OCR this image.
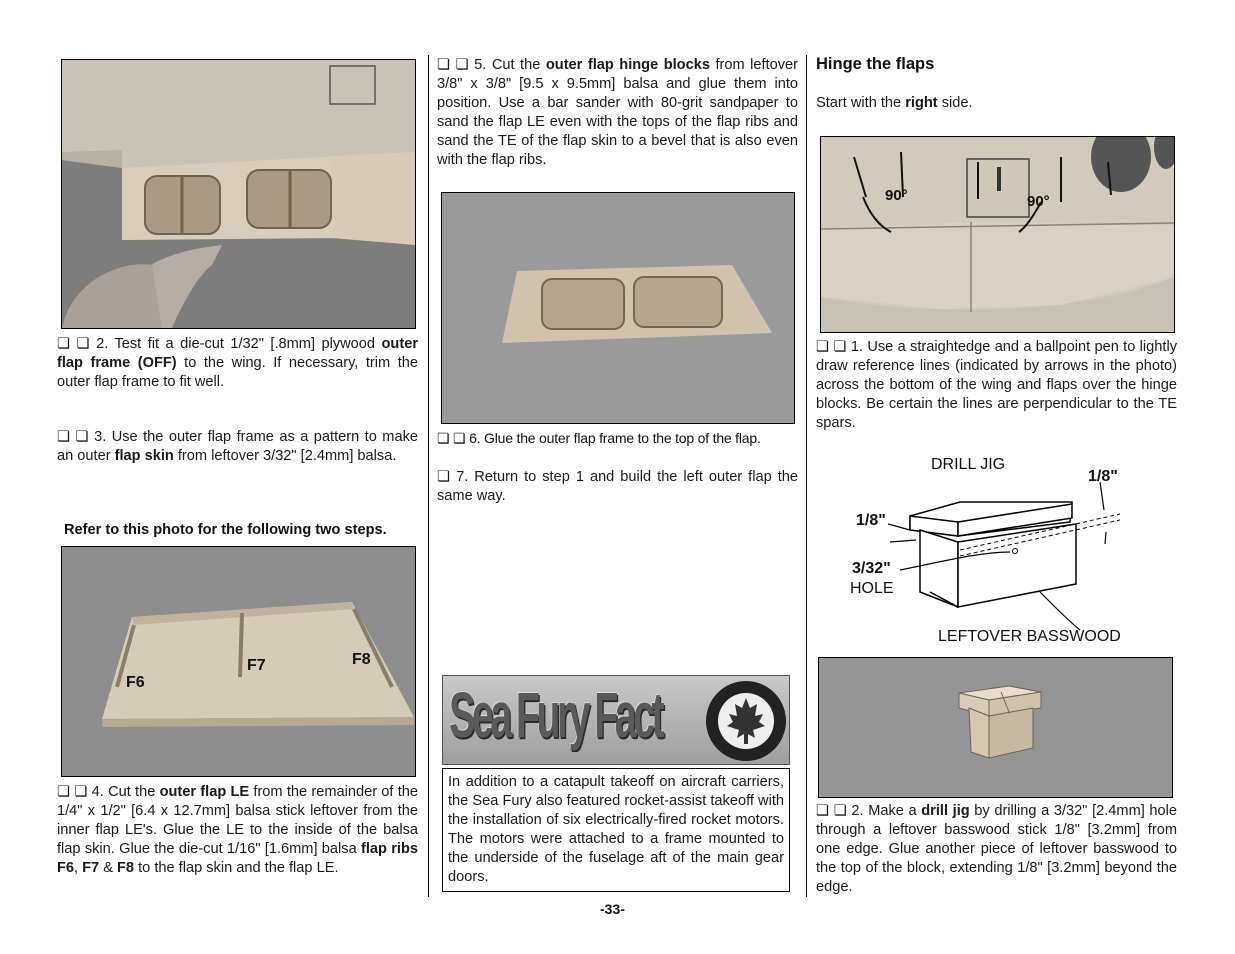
❏ ❏ 2. Test fit a die-cut 1/32" [.8mm] plywood outer flap frame (OFF) to the wing. If necessary, trim the outer flap frame to fit well.
❏ ❏ 3. Use the outer flap frame as a pattern to make an outer flap skin from leftover 3/32" [2.4mm] balsa.
Refer to this photo for the following two steps.
F6
F7	F8
❏ ❏ 4. Cut the outer flap LE from the remainder of the 1/4" x 1/2" [6.4 x 12.7mm] balsa stick leftover from the inner flap LE's. Glue the LE to the inside of the balsa flap skin. Glue the die-cut 1/16" [1.6mm] balsa flap ribs F6, F7 & F8 to the flap skin and the flap LE.
❏ ❏ 5. Cut the outer flap hinge blocks from leftover 3/8" x 3/8" [9.5 x 9.5mm] balsa and glue them into position. Use a bar sander with 80-grit sandpaper to sand the flap LE even with the tops of the flap ribs and sand the TE of the flap skin to a bevel that is also even with the flap ribs.
❏ ❏ 6. Glue the outer flap frame to the top of the flap.
❏ 7. Return to step 1 and build the left outer flap the same way.
Sea Fury Fact
In addition to a catapult takeoff on aircraft carriers, the Sea Fury also featured rocket-assist takeoff with the installation of six electrically-fired rocket motors. The motors were attached to a frame mounted to the underside of the fuselage aft of the main gear doors.
-33-
Hinge the flaps
Start with the right side.
90°	90°
❏ ❏ 1. Use a straightedge and a ballpoint pen to lightly draw reference lines (indicated by arrows in the photo) across the bottom of the wing and flaps over the hinge blocks. Be certain the lines are perpendicular to the TE spars.
DRILL JIG
1/8"
1/8"
3/32"
HOLE
LEFTOVER BASSWOOD
❏ ❏ 2. Make a drill jig by drilling a 3/32" [2.4mm] hole through a leftover basswood stick 1/8" [3.2mm] from one edge. Glue another piece of leftover basswood to the top of the block, extending 1/8" [3.2mm] beyond the edge.
